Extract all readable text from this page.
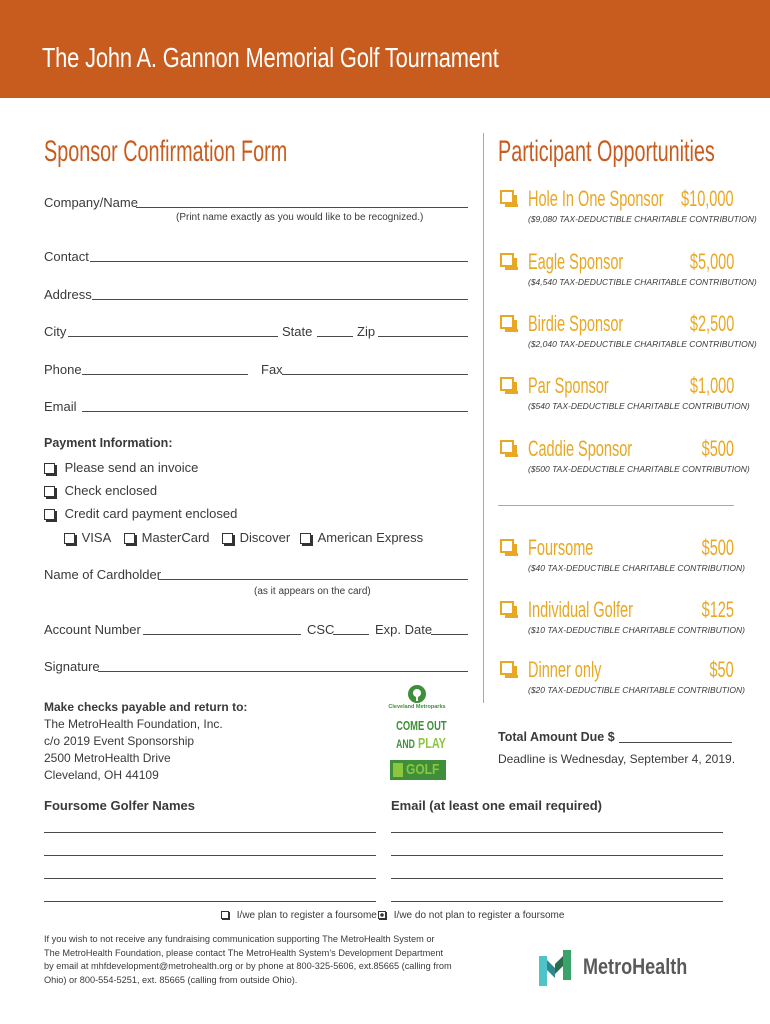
The John A. Gannon Memorial Golf Tournament
Sponsor Confirmation Form
Company/Name
(Print name exactly as you would like to be recognized.)
Contact
Address
City	State	Zip
Phone	Fax
Email
Payment Information:
Please send an invoice
Check enclosed
Credit card payment enclosed
VISA	MasterCard	Discover	American Express
Name of Cardholder
(as it appears on the card)
Account Number	CSC	Exp. Date
Signature
Make checks payable and return to:
The MetroHealth Foundation, Inc.
c/o 2019 Event Sponsorship
2500 MetroHealth Drive
Cleveland, OH 44109
Cleveland Metroparks
COME OUT
AND PLAY
GOLF
Participant Opportunities
Hole In One Sponsor $10,000
($9,080 TAX-DEDUCTIBLE CHARITABLE CONTRIBUTION)
Eagle Sponsor	$5,000
($4,540 TAX-DEDUCTIBLE CHARITABLE CONTRIBUTION)
Birdie Sponsor	$2,500
($2,040 TAX-DEDUCTIBLE CHARITABLE CONTRIBUTION)
Par Sponsor	$1,000
($540 TAX-DEDUCTIBLE CHARITABLE CONTRIBUTION)
Caddie Sponsor	$500
($500 TAX-DEDUCTIBLE CHARITABLE CONTRIBUTION)
Foursome	$500
($40 TAX-DEDUCTIBLE CHARITABLE CONTRIBUTION)
Individual Golfer	$125
($10 TAX-DEDUCTIBLE CHARITABLE CONTRIBUTION)
Dinner only	$50
($20 TAX-DEDUCTIBLE CHARITABLE CONTRIBUTION)
Total Amount Due $
Deadline is Wednesday, September 4, 2019.
Foursome Golfer Names	Email (at least one email required)
I/we plan to register a foursome	I/we do not plan to register a foursome
If you wish to not receive any fundraising communication supporting The MetroHealth System or
The MetroHealth Foundation, please contact The MetroHealth System’s Development Department
by email at mhfdevelopment@metrohealth.org or by phone at 800-325-5606, ext.85665 (calling from
Ohio) or 800-554-5251, ext. 85665 (calling from outside Ohio).
MetroHealth
